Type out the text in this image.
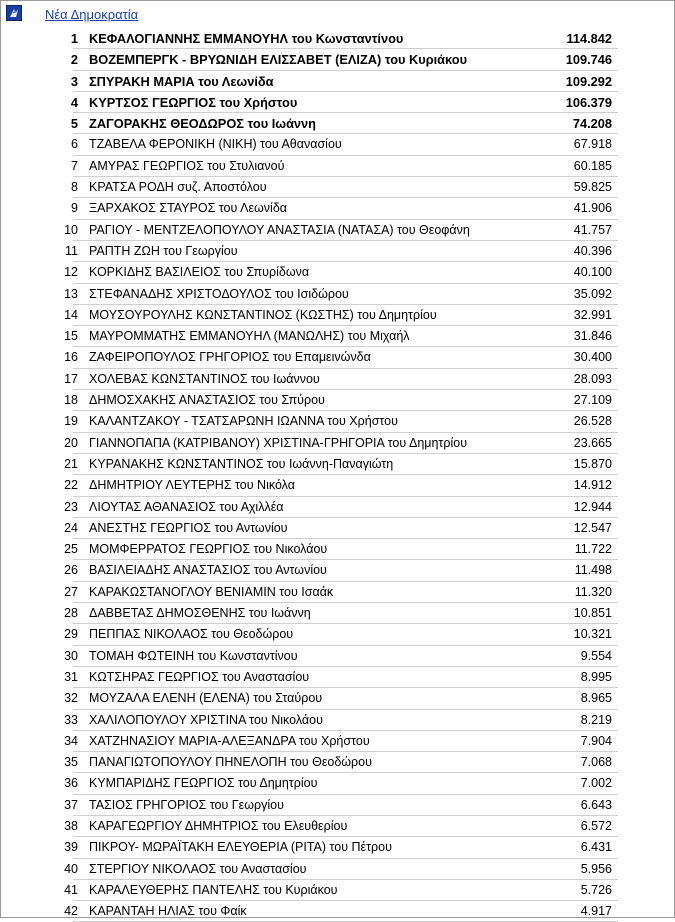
Νέα Δημοκρατία
1 ΚΕΦΑΛΟΓΙΑΝΝΗΣ ΕΜΜΑΝΟΥΗΛ του Κωνσταντίνου	114.842
2 ΒΟΖΕΜΠΕΡΓΚ - ΒΡΥΩΝΙΔΗ ΕΛΙΣΣΑΒΕΤ (ΕΛΙΖΑ) του Κυριάκου	109.746
3 ΣΠΥΡΑΚΗ ΜΑΡΙΑ του Λεωνίδα	109.292
4 ΚΥΡΤΣΟΣ ΓΕΩΡΓΙΟΣ του Χρήστου	106.379
5 ΖΑΓΟΡΑΚΗΣ ΘΕΟΔΩΡΟΣ του Ιωάννη	74.208
6 ΤΖΑΒΕΛΑ ΦΕΡΟΝΙΚΗ (ΝΙΚΗ) του Αθανασίου	67.918
7 ΑΜΥΡΑΣ ΓΕΩΡΓΙΟΣ του Στυλιανού	60.185
8 ΚΡΑΤΣΑ ΡΟΔΗ συζ. Αποστόλου	59.825
9 ΞΑΡΧΑΚΟΣ ΣΤΑΥΡΟΣ του Λεωνίδα	41.906
10 ΡΑΓΙΟΥ - ΜΕΝΤΖΕΛΟΠΟΥΛΟΥ ΑΝΑΣΤΑΣΙΑ (ΝΑΤΑΣΑ) του Θεοφάνη	41.757
11 ΡΑΠΤΗ ΖΩΗ του Γεωργίου	40.396
12 ΚΟΡΚΙΔΗΣ ΒΑΣΙΛΕΙΟΣ του Σπυρίδωνα	40.100
13 ΣΤΕΦΑΝΑΔΗΣ ΧΡΙΣΤΟΔΟΥΛΟΣ του Ισιδώρου	35.092
14 ΜΟΥΣΟΥΡΟΥΛΗΣ ΚΩΝΣΤΑΝΤΙΝΟΣ (ΚΩΣΤΗΣ) του Δημητρίου	32.991
15 ΜΑΥΡΟΜΜΑΤΗΣ ΕΜΜΑΝΟΥΗΛ (ΜΑΝΩΛΗΣ) του Μιχαήλ	31.846
16 ΖΑΦΕΙΡΟΠΟΥΛΟΣ ΓΡΗΓΟΡΙΟΣ του Επαμεινώνδα	30.400
17 ΧΟΛΕΒΑΣ ΚΩΝΣΤΑΝΤΙΝΟΣ του Ιωάννου	28.093
18 ΔΗΜΟΣΧΑΚΗΣ ΑΝΑΣΤΑΣΙΟΣ του Σπύρου	27.109
19 ΚΑΛΑΝΤΖΑΚΟΥ - ΤΣΑΤΣΑΡΩΝΗ ΙΩΑΝΝΑ του Χρήστου	26.528
20 ΓΙΑΝΝΟΠΑΠΑ (ΚΑΤΡΙΒΑΝΟΥ) ΧΡΙΣΤΙΝΑ-ΓΡΗΓΟΡΙΑ του Δημητρίου	23.665
21 ΚΥΡΑΝΑΚΗΣ ΚΩΝΣΤΑΝΤΙΝΟΣ του Ιωάννη-Παναγιώτη	15.870
22 ΔΗΜΗΤΡΙΟΥ ΛΕΥΤΕΡΗΣ του Νικόλα	14.912
23 ΛΙΟΥΤΑΣ ΑΘΑΝΑΣΙΟΣ του Αχιλλέα	12.944
24 ΑΝΕΣΤΗΣ ΓΕΩΡΓΙΟΣ του Αντωνίου	12.547
25 ΜΟΜΦΕΡΡΑΤΟΣ ΓΕΩΡΓΙΟΣ του Νικολάου	11.722
26 ΒΑΣΙΛΕΙΑΔΗΣ ΑΝΑΣΤΑΣΙΟΣ του Αντωνίου	11.498
27 ΚΑΡΑΚΩΣΤΑΝΟΓΛΟΥ ΒΕΝΙΑΜΙΝ του Ισαάκ	11.320
28 ΔΑΒΒΕΤΑΣ ΔΗΜΟΣΘΕΝΗΣ του Ιωάννη	10.851
29 ΠΕΠΠΑΣ ΝΙΚΟΛΑΟΣ του Θεοδώρου	10.321
30 ΤΟΜΑΗ ΦΩΤΕΙΝΗ του Κωνσταντίνου	9.554
31 ΚΩΤΣΗΡΑΣ ΓΕΩΡΓΙΟΣ του Αναστασίου	8.995
32 ΜΟΥΖΑΛΑ ΕΛΕΝΗ (ΕΛΕΝΑ) του Σταύρου	8.965
33 ΧΑΛΙΛΟΠΟΥΛΟΥ ΧΡΙΣΤΙΝΑ του Νικολάου	8.219
34 ΧΑΤΖΗΝΑΣΙΟΥ ΜΑΡΙΑ-ΑΛΕΞΑΝΔΡΑ του Χρήστου	7.904
35 ΠΑΝΑΓΙΩΤΟΠΟΥΛΟΥ ΠΗΝΕΛΟΠΗ του Θεοδώρου	7.068
36 ΚΥΜΠΑΡΙΔΗΣ ΓΕΩΡΓΙΟΣ του Δημητρίου	7.002
37 ΤΑΣΙΟΣ ΓΡΗΓΟΡΙΟΣ του Γεωργίου	6.643
38 ΚΑΡΑΓΕΩΡΓΙΟΥ ΔΗΜΗΤΡΙΟΣ του Ελευθερίου	6.572
39 ΠΙΚΡΟΥ- ΜΩΡΑΪΤΑΚΗ ΕΛΕΥΘΕΡΙΑ (ΡΙΤΑ) του Πέτρου	6.431
40 ΣΤΕΡΓΙΟΥ ΝΙΚΟΛΑΟΣ του Αναστασίου	5.956
41 ΚΑΡΑΛΕΥΘΕΡΗΣ ΠΑΝΤΕΛΗΣ του Κυριάκου	5.726
42 ΚΑΡΑΝΤΑΗ ΗΛΙΑΣ του Φαίκ	4.917
